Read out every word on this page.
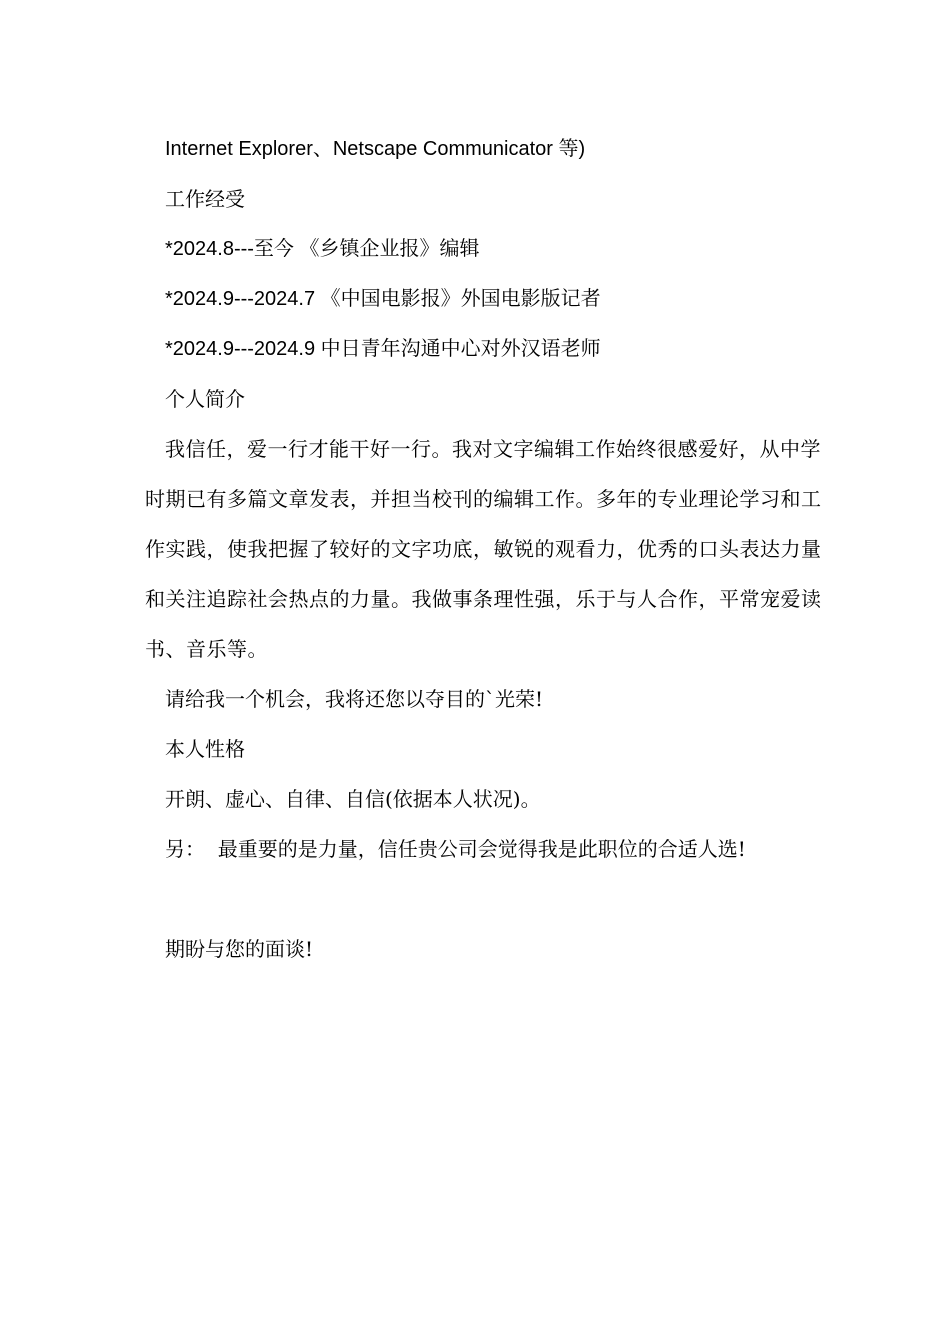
Internet Explorer、Netscape Communicator 等)

工作经受

*2024.8---至今 《乡镇企业报》编辑

*2024.9---2024.7 《中国电影报》外国电影版记者

*2024.9---2024.9 中日青年沟通中心对外汉语老师

个人简介

我信任，爱一行才能干好一行。我对文字编辑工作始终很感爱好，从中学时期已有多篇文章发表，并担当校刊的编辑工作。多年的专业理论学习和工作实践，使我把握了较好的文字功底，敏锐的观看力，优秀的口头表达力量和关注追踪社会热点的力量。我做事条理性强，乐于与人合作，平常宠爱读书、音乐等。

请给我一个机会，我将还您以夺目的`光荣!

本人性格

开朗、虚心、自律、自信(依据本人状况)。

另：  最重要的是力量，信任贵公司会觉得我是此职位的合适人选!

期盼与您的面谈!
